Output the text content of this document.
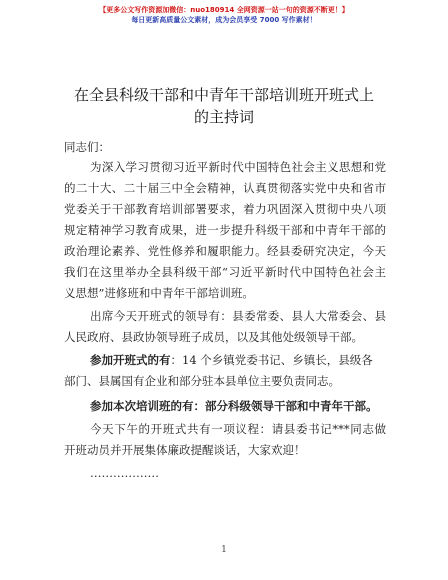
【更多公文写作资源加微信：nuo180914 全网资源一站一句的资源不断更！】
每日更新高质量公文素材，成为会员享受 7000 写作素材！
在全县科级干部和中青年干部培训班开班式上
的主持词
同志们：
为深入学习贯彻习近平新时代中国特色社会主义思想和党
的二十大、二十届三中全会精神，认真贯彻落实党中央和省市
党委关于干部教育培训部署要求，着力巩固深入贯彻中央八项
规定精神学习教育成果，进一步提升科级干部和中青年干部的
政治理论素养、党性修养和履职能力。经县委研究决定，今天
我们在这里举办全县科级干部“习近平新时代中国特色社会主
义思想”进修班和中青年干部培训班。
出席今天开班式的领导有：县委常委、县人大常委会、县
人民政府、县政协领导班子成员，以及其他处级领导干部。
参加开班式的有：14 个乡镇党委书记、乡镇长，县级各
部门、县属国有企业和部分驻本县单位主要负责同志。
参加本次培训班的有：部分科级领导干部和中青年干部。
今天下午的开班式共有一项议程：请县委书记***同志做
开班动员并开展集体廉政提醒谈话，大家欢迎！
………………
1
